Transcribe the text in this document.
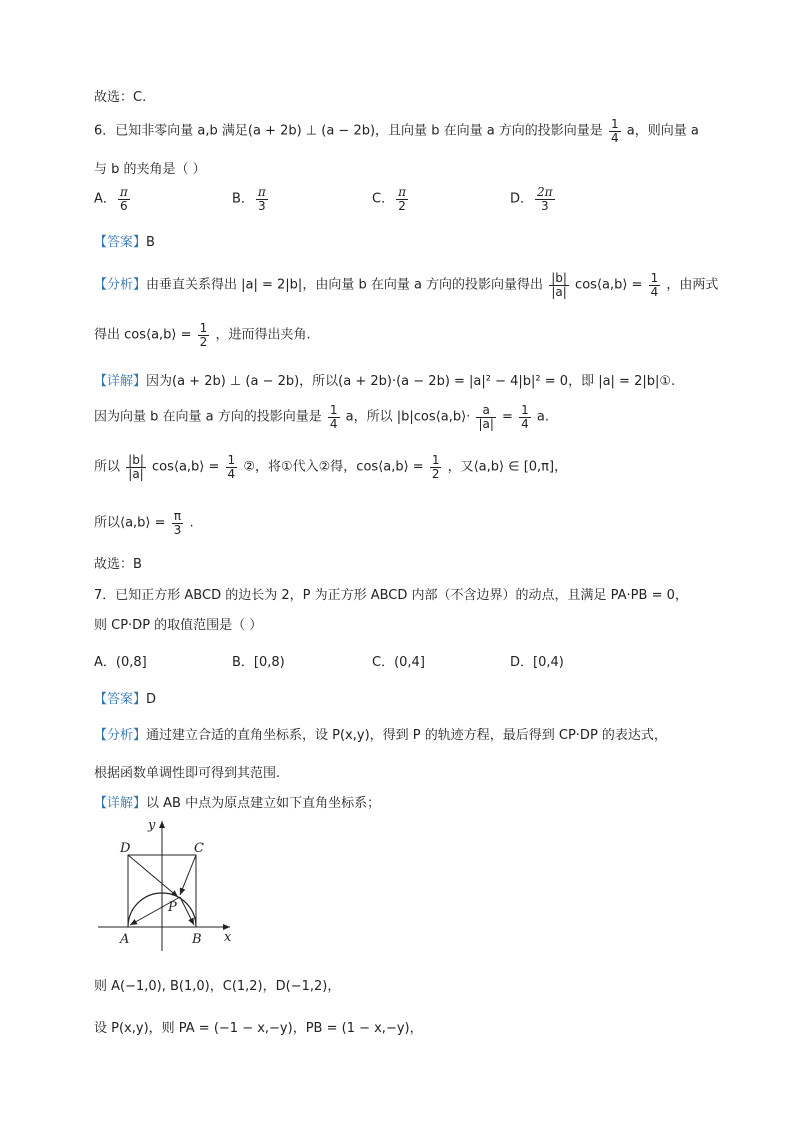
故选：C.
6．已知非零向量 a,b 满足(a + 2b) ⊥ (a − 2b)，且向量 b 在向量 a 方向的投影向量是 $\frac{1}{4}$ a，则向量 a
与 b 的夹角是（ ）
A． $\frac{\pi}{6}$	B． $\frac{\pi}{3}$	C． $\frac{\pi}{2}$	D． $\frac{2\pi}{3}$
【答案】B
【分析】由垂直关系得出 |a| = 2|b|，由向量 b 在向量 a 方向的投影向量得出 $\frac{|b|}{|a|}$ cos⟨a,b⟩ = $\frac{1}{4}$ ，由两式
得出 cos⟨a,b⟩ = $\frac{1}{2}$ ，进而得出夹角.
【详解】因为(a + 2b) ⊥ (a − 2b)，所以(a + 2b)·(a − 2b) = |a|² − 4|b|² = 0，即 |a| = 2|b|①.
因为向量 b 在向量 a 方向的投影向量是 $\frac{1}{4}$ a，所以 |b|cos⟨a,b⟩· $\frac{a}{|a|} = \frac{1}{4} a$.
所以 $\frac{|b|}{|a|}$ cos⟨a,b⟩ = $\frac{1}{4}$ ②，将①代入②得，cos⟨a,b⟩ = $\frac{1}{2}$ ，又⟨a,b⟩ ∈ [0,π]，
所以⟨a,b⟩ = $\frac{\pi}{3}$ .
故选：B
7．已知正方形 ABCD 的边长为 2，P 为正方形 ABCD 内部（不含边界）的动点，且满足 PA·PB = 0，
则 CP·DP 的取值范围是（ ）
A．(0,8]	B．[0,8)	C．(0,4]	D．[0,4)
【答案】D
【分析】通过建立合适的直角坐标系，设 P(x,y)，得到 P 的轨迹方程，最后得到 CP·DP 的表达式，
根据函数单调性即可得到其范围.
【详解】以 AB 中点为原点建立如下直角坐标系；
y
x
D	C
A	B
P
则 A(−1,0), B(1,0)，C(1,2)，D(−1,2)，
设 P(x,y)，则 PA = (−1 − x,−y)，PB = (1 − x,−y)，
